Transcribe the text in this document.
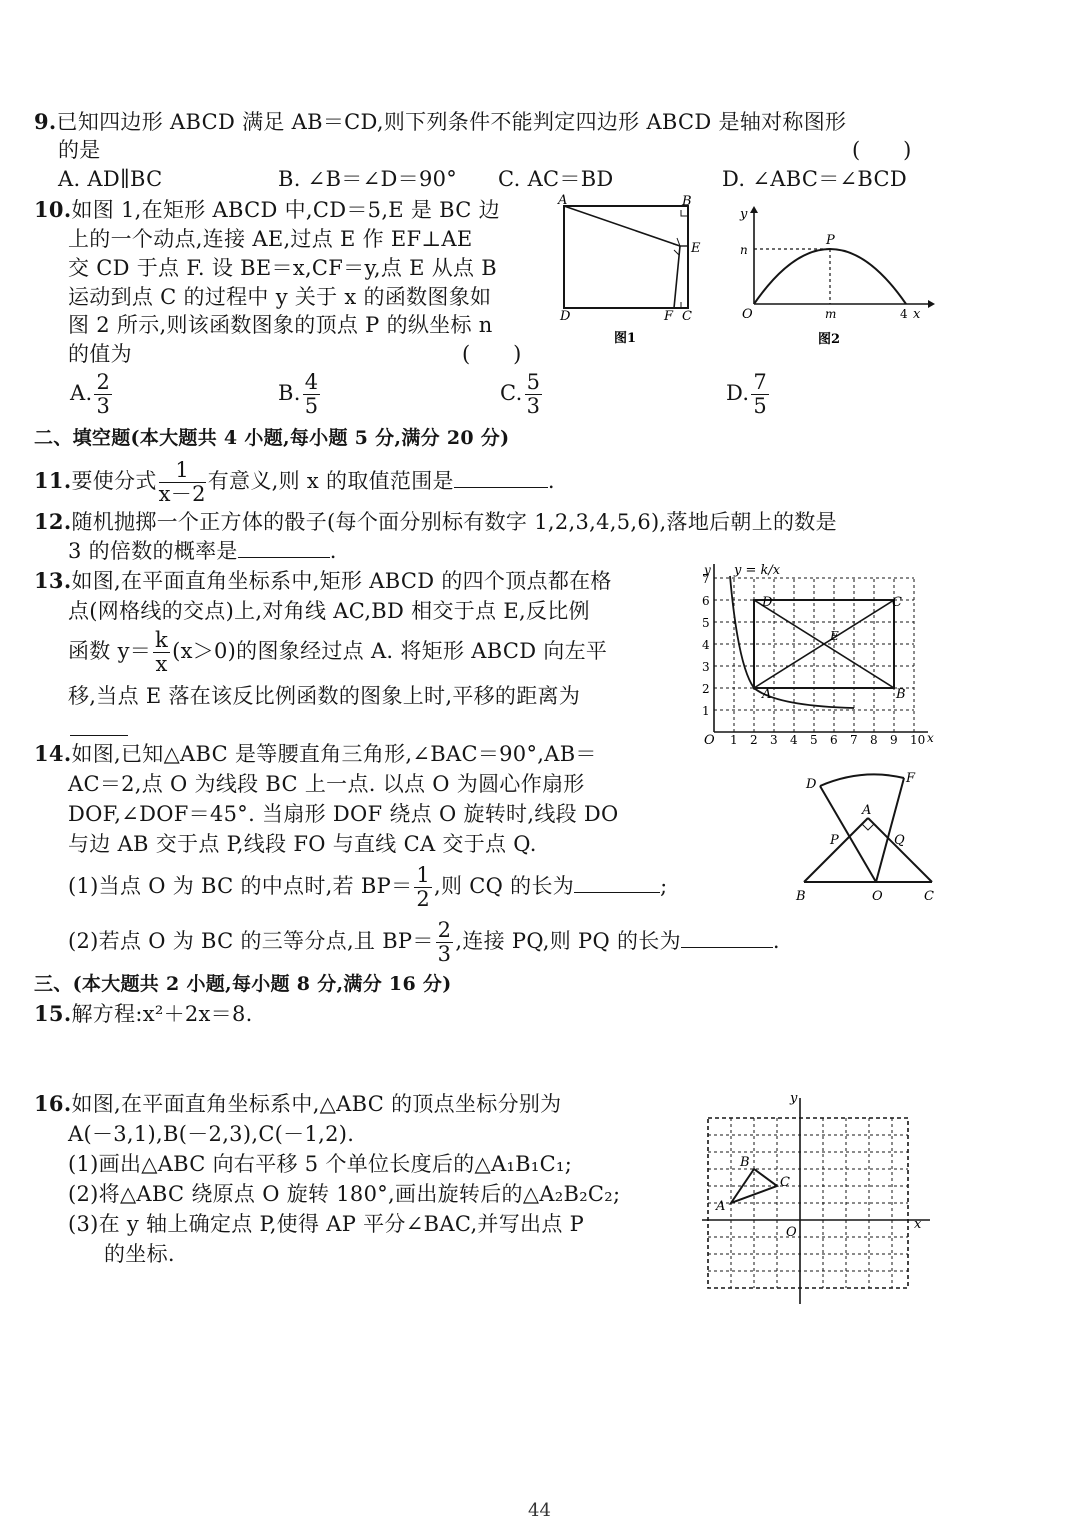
9.已知四边形 ABCD 满足 AB＝CD,则下列条件不能判定四边形 ABCD 是轴对称图形
的是	(　　)
A. AD∥BC	B. ∠B＝∠D＝90° C. AC＝BD	D. ∠ABC＝∠BCD
10.如图 1,在矩形 ABCD 中,CD＝5,E 是 BC 边
上的一个动点,连接 AE,过点 E 作 EF⊥AE
交 CD 于点 F. 设 BE＝x,CF＝y,点 E 从点 B
运动到点 C 的过程中 y 关于 x 的函数图象如
图 2 所示,则该函数图象的顶点 P 的纵坐标 n
的值为	(　　)
A. $\frac{2}{3}$	B. $\frac{4}{5}$	C. $\frac{5}{3}$	D. $\frac{7}{5}$
A	B
E
D	F C
图1
y
n
P
O	m	4 x
图2
二、填空题(本大题共 4 小题,每小题 5 分,满分 20 分)
11.要使分式 $\frac{1}{x-2}$ 有意义,则 x 的取值范围是	.
12.随机抛掷一个正方体的骰子(每个面分别标有数字 1,2,3,4,5,6),落地后朝上的数是
3 的倍数的概率是	.
13.如图,在平面直角坐标系中,矩形 ABCD 的四个顶点都在格
点(网格线的交点)上,对角线 AC,BD 相交于点 E,反比例
函数 $y= \frac{k}{x} (x>0)$的图象经过点 A. 将矩形 ABCD 向左平
移,当点 E 落在该反比例函数的图象上时,平移的距离为
y = k/x
y
x
O
1
2
3
4
5
6
7
1 2 3 4 5 6 7 8 9 10
A	B
C
D
E
14.如图,已知△ABC 是等腰直角三角形,∠BAC＝90°,AB＝
AC＝2,点 O 为线段 BC 上一点. 以点 O 为圆心作扇形
DOF,∠DOF＝45°. 当扇形 DOF 绕点 O 旋转时,线段 DO
与边 AB 交于点 P,线段 FO 与直线 CA 交于点 Q.
(1)当点 O 为 BC 的中点时,若 $BP= \frac{1}{2}$ ,则 CQ 的长为	;
(2)若点 O 为 BC 的三等分点,且 $BP= \frac{2}{3}$ ,连接 PQ,则 PQ 的长为	.
D	F
A
P	Q
B	O	C
三、(本大题共 2 小题,每小题 8 分,满分 16 分)
15.解方程:x²＋2x＝8.
16.如图,在平面直角坐标系中,△ABC 的顶点坐标分别为
A(－3,1),B(－2,3),C(－1,2).
(1)画出△ABC 向右平移 5 个单位长度后的△A₁B₁C₁;
(2)将△ABC 绕原点 O 旋转 180°,画出旋转后的△A₂B₂C₂;
(3)在 y 轴上确定点 P,使得 AP 平分∠BAC,并写出点 P
的坐标.
y
x
O
A
B
C
44
